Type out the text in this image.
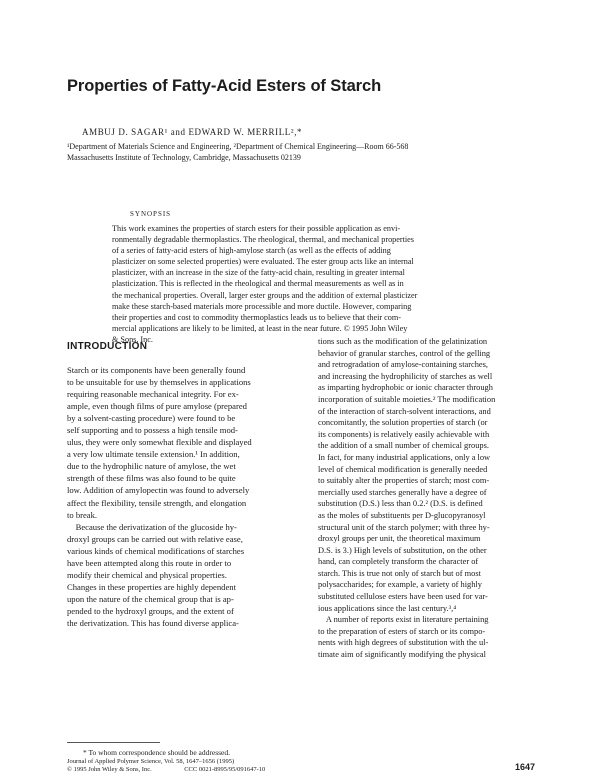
Properties of Fatty-Acid Esters of Starch
AMBUJ D. SAGAR¹ and EDWARD W. MERRILL²,*
¹Department of Materials Science and Engineering, ²Department of Chemical Engineering—Room 66-568
Massachusetts Institute of Technology, Cambridge, Massachusetts 02139
SYNOPSIS
This work examines the properties of starch esters for their possible application as envi-
ronmentally degradable thermoplastics. The rheological, thermal, and mechanical properties
of a series of fatty-acid esters of high-amylose starch (as well as the effects of adding
plasticizer on some selected properties) were evaluated. The ester group acts like an internal
plasticizer, with an increase in the size of the fatty-acid chain, resulting in greater internal
plasticization. This is reflected in the rheological and thermal measurements as well as in
the mechanical properties. Overall, larger ester groups and the addition of external plasticizer
make these starch-based materials more processible and more ductile. However, comparing
their properties and cost to commodity thermoplastics leads us to believe that their com-
mercial applications are likely to be limited, at least in the near future. © 1995 John Wiley
& Sons, Inc.
INTRODUCTION
Starch or its components have been generally found
to be unsuitable for use by themselves in applications
requiring reasonable mechanical integrity. For ex-
ample, even though films of pure amylose (prepared
by a solvent-casting procedure) were found to be
self supporting and to possess a high tensile mod-
ulus, they were only somewhat flexible and displayed
a very low ultimate tensile extension.¹ In addition,
due to the hydrophilic nature of amylose, the wet
strength of these films was also found to be quite
low. Addition of amylopectin was found to adversely
affect the flexibility, tensile strength, and elongation
to break.
Because the derivatization of the glucoside hy-
droxyl groups can be carried out with relative ease,
various kinds of chemical modifications of starches
have been attempted along this route in order to
modify their chemical and physical properties.
Changes in these properties are highly dependent
upon the nature of the chemical group that is ap-
pended to the hydroxyl groups, and the extent of
the derivatization. This has found diverse applica-
tions such as the modification of the gelatinization
behavior of granular starches, control of the gelling
and retrogradation of amylose-containing starches,
and increasing the hydrophilicity of starches as well
as imparting hydrophobic or ionic character through
incorporation of suitable moieties.² The modification
of the interaction of starch-solvent interactions, and
concomitantly, the solution properties of starch (or
its components) is relatively easily achievable with
the addition of a small number of chemical groups.
In fact, for many industrial applications, only a low
level of chemical modification is generally needed
to suitably alter the properties of starch; most com-
mercially used starches generally have a degree of
substitution (D.S.) less than 0.2.² (D.S. is defined
as the moles of substituents per D-glucopyranosyl
structural unit of the starch polymer; with three hy-
droxyl groups per unit, the theoretical maximum
D.S. is 3.) High levels of substitution, on the other
hand, can completely transform the character of
starch. This is true not only of starch but of most
polysaccharides; for example, a variety of highly
substituted cellulose esters have been used for var-
ious applications since the last century.³,⁴
A number of reports exist in literature pertaining
to the preparation of esters of starch or its compo-
nents with high degrees of substitution with the ul-
timate aim of significantly modifying the physical
* To whom correspondence should be addressed.
Journal of Applied Polymer Science, Vol. 58, 1647–1656 (1995)
© 1995 John Wiley & Sons, Inc.                    CCC 0021-8995/95/091647-10	1647
